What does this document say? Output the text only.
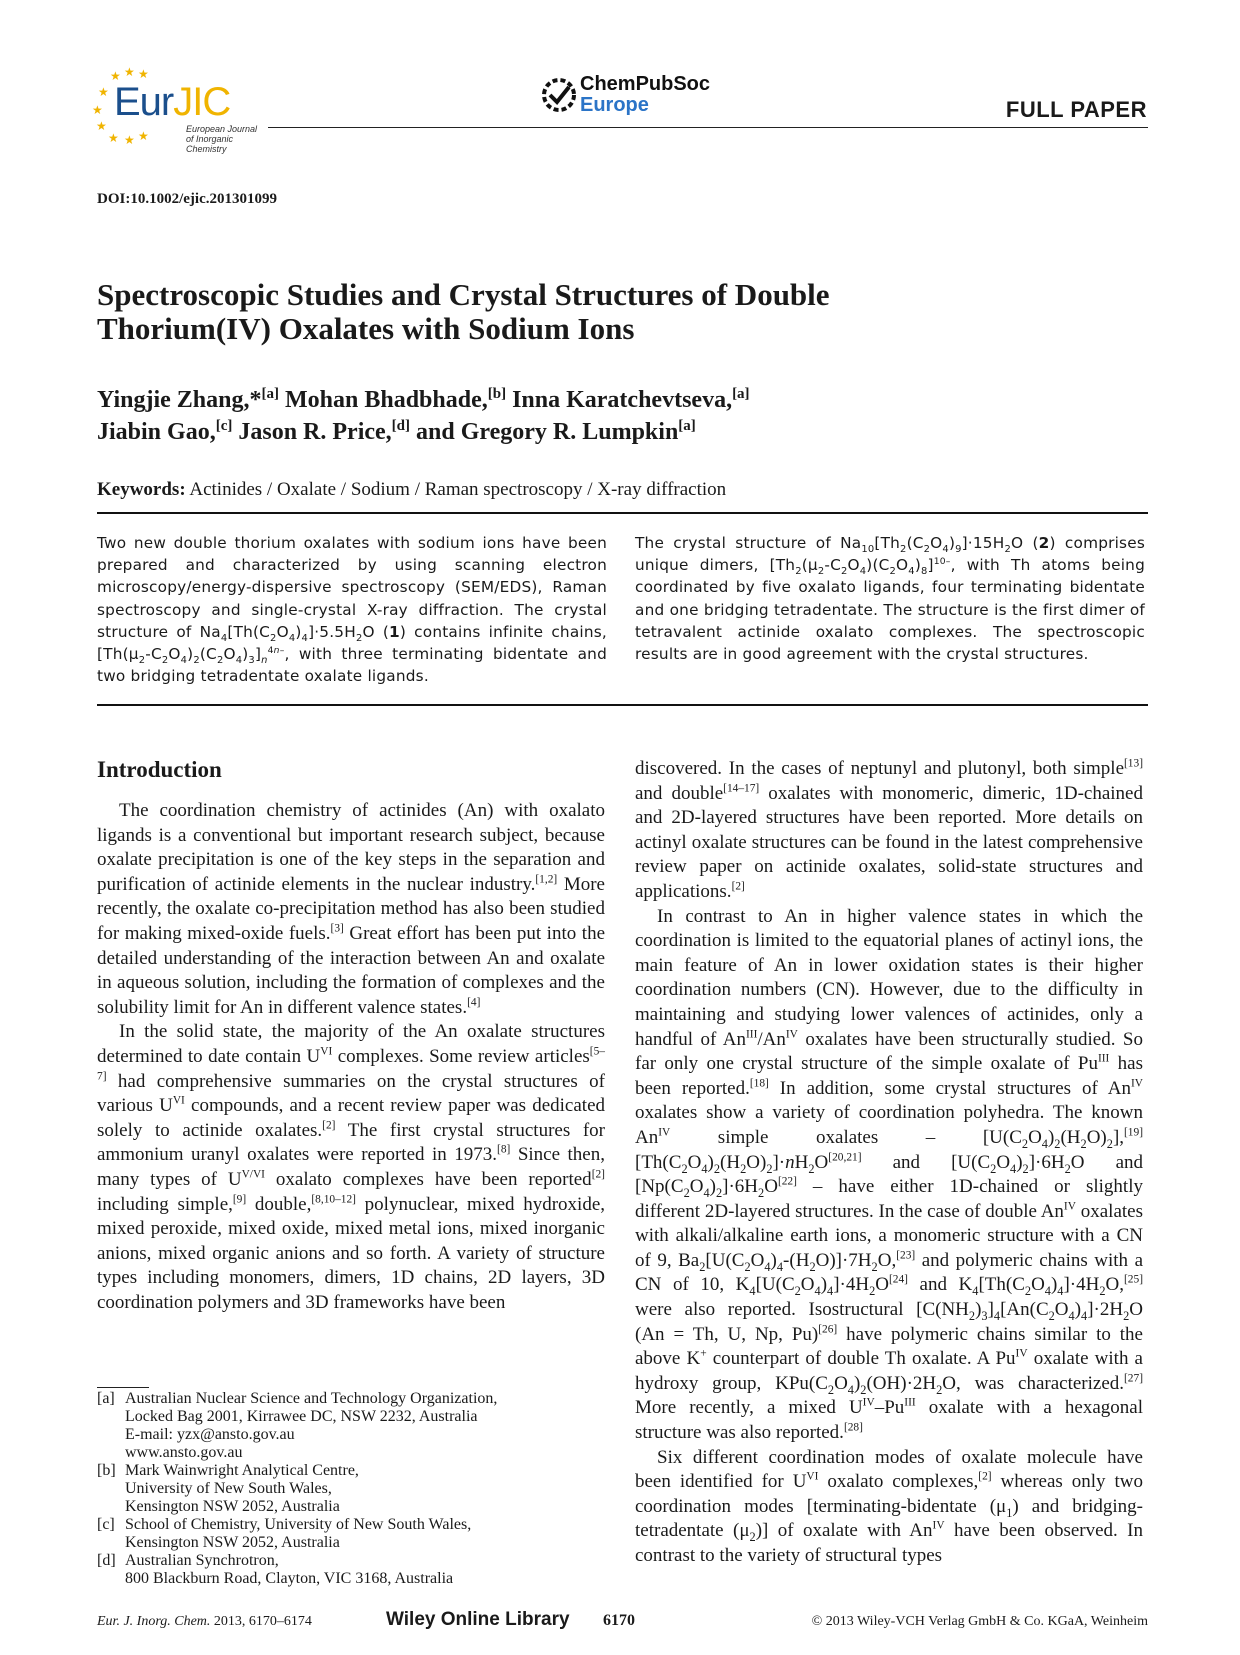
★ ★ ★
★
★
★
★ ★ ★
EurJIC
European Journal
of Inorganic Chemistry
ChemPubSoc
Europe	FULL PAPER
DOI:10.1002/ejic.201301099
Spectroscopic Studies and Crystal Structures of Double
Thorium(IV) Oxalates with Sodium Ions
Yingjie Zhang,*[a] Mohan Bhadbhade,[b] Inna Karatchevtseva,[a]
Jiabin Gao,[c] Jason R. Price,[d] and Gregory R. Lumpkin[a]
Keywords: Actinides / Oxalate / Sodium / Raman spectroscopy / X-ray diffraction

Two new double thorium oxalates with sodium ions have been prepared and characterized by using scanning electron microscopy/energy-dispersive spectroscopy (SEM/EDS), Raman spectroscopy and single-crystal X-ray diffraction. The crystal structure of $Na_4[Th(C_2O_4)_4]\cdot 5.5H_2O$ (1) contains infinite chains, $[Th(\mu_2-C_2O_4)_2(C_2O_4)_3]_n^{4n-}$, with three terminating bidentate and two bridging tetradentate oxalate ligands.

The crystal structure of $Na_{10}[Th_2(C_2O_4)_9]\cdot 15H_2O$ (2) comprises unique dimers, $[Th_2(\mu_2-C_2O_4)(C_2O_4)_8]^{10-}$, with Th atoms being coordinated by five oxalato ligands, four terminating bidentate and one bridging tetradentate. The structure is the first dimer of tetravalent actinide oxalato complexes. The spectroscopic results are in good agreement with the crystal structures.

Introduction

The coordination chemistry of actinides (An) with oxalato ligands is a conventional but important research subject, because oxalate precipitation is one of the key steps in the separation and purification of actinide elements in the nuclear industry.[1,2] More recently, the oxalate co-precipitation method has also been studied for making mixed-oxide fuels.[3] Great effort has been put into the detailed understanding of the interaction between An and oxalate in aqueous solution, including the formation of complexes and the solubility limit for An in different valence states.[4]

In the solid state, the majority of the An oxalate structures determined to date contain $U^{VI}$ complexes. Some review articles[5–7] had comprehensive summaries on the crystal structures of various $U^{VI}$ compounds, and a recent review paper was dedicated solely to actinide oxalates.[2] The first crystal structures for ammonium uranyl oxalates were reported in 1973.[8] Since then, many types of $U^{V/VI}$ oxalato complexes have been reported[2] including simple,[9] double,[8,10–12] polynuclear, mixed hydroxide, mixed peroxide, mixed oxide, mixed metal ions, mixed inorganic anions, mixed organic anions and so forth. A variety of structure types including monomers, dimers, 1D chains, 2D layers, 3D coordination polymers and 3D frameworks have been

discovered. In the cases of neptunyl and plutonyl, both simple[13] and double[14–17] oxalates with monomeric, dimeric, 1D-chained and 2D-layered structures have been reported. More details on actinyl oxalate structures can be found in the latest comprehensive review paper on actinide oxalates, solid-state structures and applications.[2]

In contrast to An in higher valence states in which the coordination is limited to the equatorial planes of actinyl ions, the main feature of An in lower oxidation states is their higher coordination numbers (CN). However, due to the difficulty in maintaining and studying lower valences of actinides, only a handful of $An^{III}/An^{IV}$ oxalates have been structurally studied. So far only one crystal structure of the simple oxalate of $Pu^{III}$ has been reported.[18] In addition, some crystal structures of $An^{IV}$ oxalates show a variety of coordination polyhedra. The known $An^{IV}$ simple oxalates – $[U(C_2O_4)_2(H_2O)_2],[19]$ $[Th(C_2O_4)_2(H_2O)_2]\cdot nH_2O[20,21]$ and $[U(C_2O_4)_2]\cdot 6H_2O$ and $[Np(C_2O_4)_2]\cdot 6H_2O[22]$ – have either 1D-chained or slightly different 2D-layered structures. In the case of double $An^{IV}$ oxalates with alkali/alkaline earth ions, a monomeric structure with a CN of 9, $Ba_2[U(C_2O_4)_4-(H_2O)]\cdot 7H_2O,[23]$ and polymeric chains with a CN of 10, $K_4[U(C_2O_4)_4]\cdot 4H_2O[24]$ and $K_4[Th(C_2O_4)_4]\cdot 4H_2O,[25]$ were also reported. Isostructural $[C(NH_2)_3]_4[An(C_2O_4)_4]\cdot 2H_2O$ (An = Th, U, Np, Pu)[26] have polymeric chains similar to the above K+ counterpart of double Th oxalate. A $Pu^{IV}$ oxalate with a hydroxy group, $KPu(C_2O_4)_2(OH)\cdot 2H_2O$, was characterized.[27] More recently, a mixed $U^{IV}-Pu^{III}$ oxalate with a hexagonal structure was also reported.[28]

Six different coordination modes of oxalate molecule have been identified for $U^{VI}$ oxalato complexes,[2] whereas only two coordination modes [terminating-bidentate $(\mu_1)$ and bridging-tetradentate $(\mu_2)$] of oxalate with $An^{IV}$ have been observed. In contrast to the variety of structural types

[a] Australian Nuclear Science and Technology Organization,
Locked Bag 2001, Kirrawee DC, NSW 2232, Australia
E-mail: yzx@ansto.gov.au
www.ansto.gov.au
[b] Mark Wainwright Analytical Centre,
University of New South Wales,
Kensington NSW 2052, Australia
[c] School of Chemistry, University of New South Wales,
Kensington NSW 2052, Australia
[d] Australian Synchrotron,
800 Blackburn Road, Clayton, VIC 3168, Australia
Eur. J. Inorg. Chem. 2013, 6170–6174	Wiley Online Library 6170	© 2013 Wiley-VCH Verlag GmbH & Co. KGaA, Weinheim
